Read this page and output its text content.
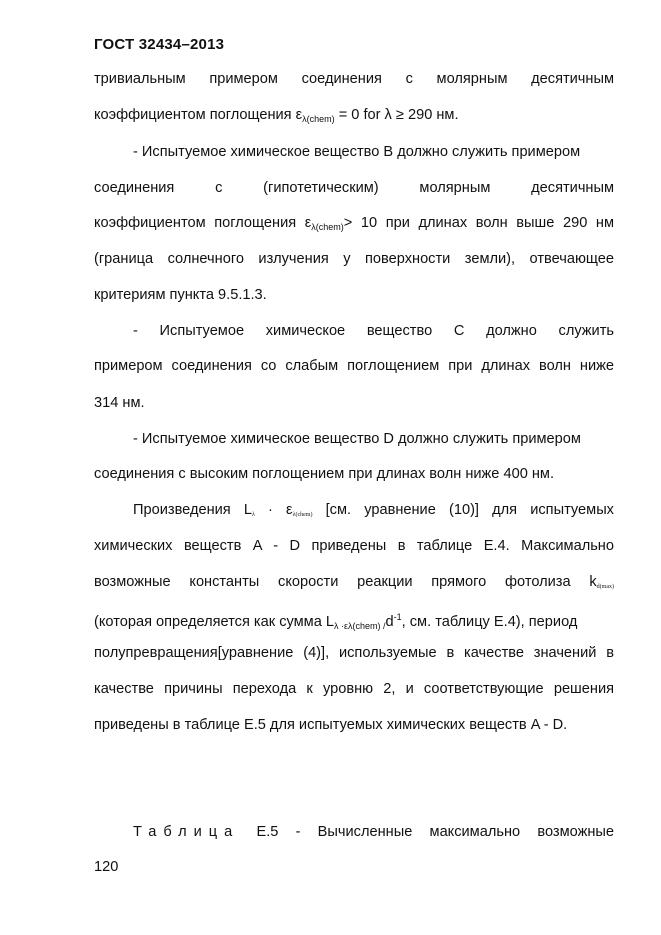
ГОСТ 32434–2013
тривиальным примером соединения с молярным десятичным
коэффициентом поглощения $\varepsilon_{\lambda(chem)} = 0$ for λ ≥ 290 нм.
- Испытуемое химическое вещество B должно служить примером
соединения с (гипотетическим) молярным десятичным
коэффициентом поглощения $\varepsilon_{\lambda(chem)}> 10$ при длинах волн выше 290 нм
(граница солнечного излучения у поверхности земли), отвечающее
критериям пункта 9.5.1.3.
- Испытуемое химическое вещество C должно служить
примером соединения со слабым поглощением при длинах волн ниже
314 нм.
- Испытуемое химическое вещество D должно служить примером
соединения с высоким поглощением при длинах волн ниже 400 нм.
Произведения Lλ · ελ(chem) [см. уравнение (10)] для испытуемых
химических веществ A - D приведены в таблице E.4. Максимально
возможные константы скорости реакции прямого фотолиза kd(max)
(которая определяется как сумма $L_{\lambda \cdot\varepsilon\lambda(chem) /}d^{-1}$, см. таблицу E.4), период
полупревращения[уравнение (4)], используемые в качестве значений в
качестве причины перехода к уровню 2, и соответствующие решения
приведены в таблице E.5 для испытуемых химических веществ A - D.
Таблица E.5 - Вычисленные максимально возможные
120
